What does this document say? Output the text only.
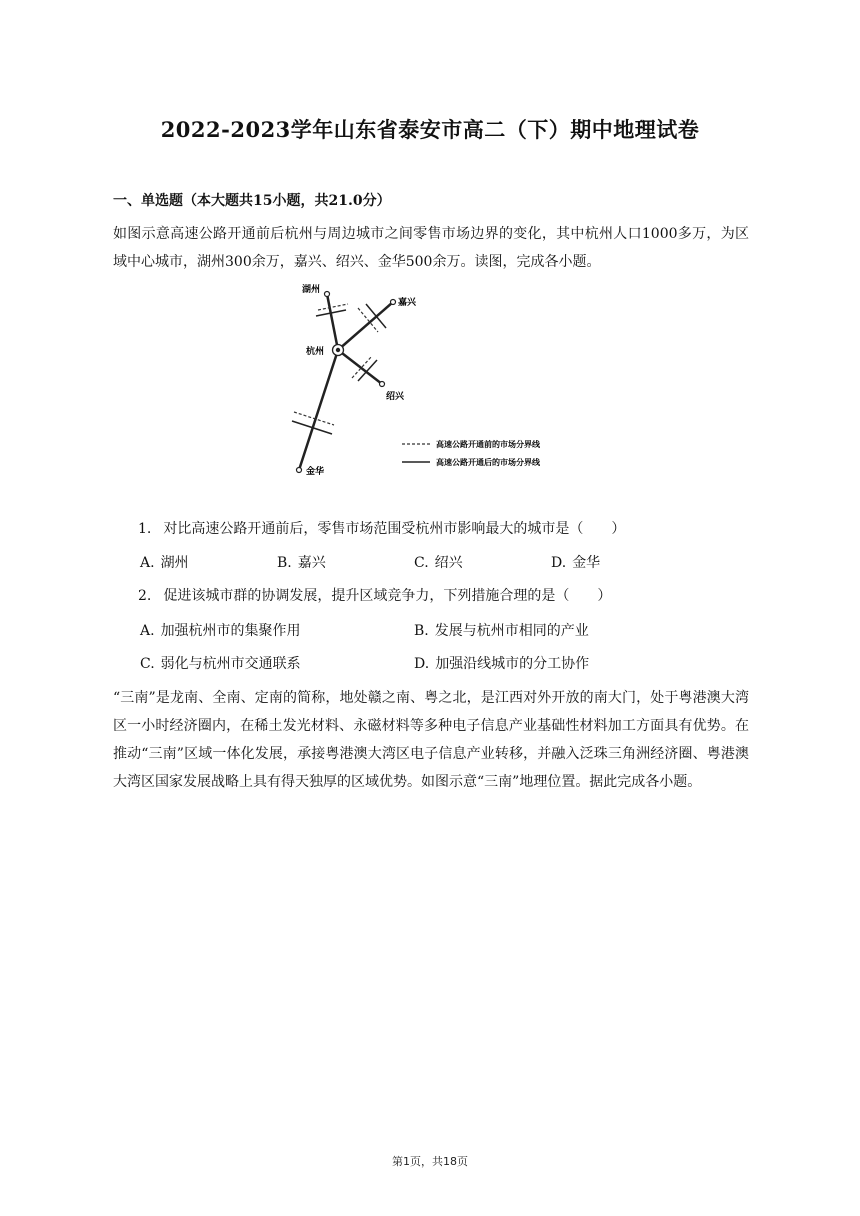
2022-2023学年山东省泰安市高二（下）期中地理试卷
一、单选题（本大题共15小题，共21.0分）
如图示意高速公路开通前后杭州与周边城市之间零售市场边界的变化，其中杭州人口1000多万，为区域中心城市，湖州300余万，嘉兴、绍兴、金华500余万。读图，完成各小题。
湖州
嘉兴
杭州
绍兴
金华
高速公路开通前的市场分界线
高速公路开通后的市场分界线
1. 对比高速公路开通前后，零售市场范围受杭州市影响最大的城市是（　　）
A. 湖州	B. 嘉兴	C. 绍兴	D. 金华
2. 促进该城市群的协调发展，提升区域竞争力，下列措施合理的是（　　）
A. 加强杭州市的集聚作用	B. 发展与杭州市相同的产业
C. 弱化与杭州市交通联系	D. 加强沿线城市的分工协作
“三南”是龙南、全南、定南的简称，地处赣之南、粤之北，是江西对外开放的南大门，处于粤港澳大湾区一小时经济圈内，在稀土发光材料、永磁材料等多种电子信息产业基础性材料加工方面具有优势。在推动“三南”区域一体化发展，承接粤港澳大湾区电子信息产业转移，并融入泛珠三角洲经济圈、粤港澳大湾区国家发展战略上具有得天独厚的区域优势。如图示意“三南”地理位置。据此完成各小题。
第1页，共18页
